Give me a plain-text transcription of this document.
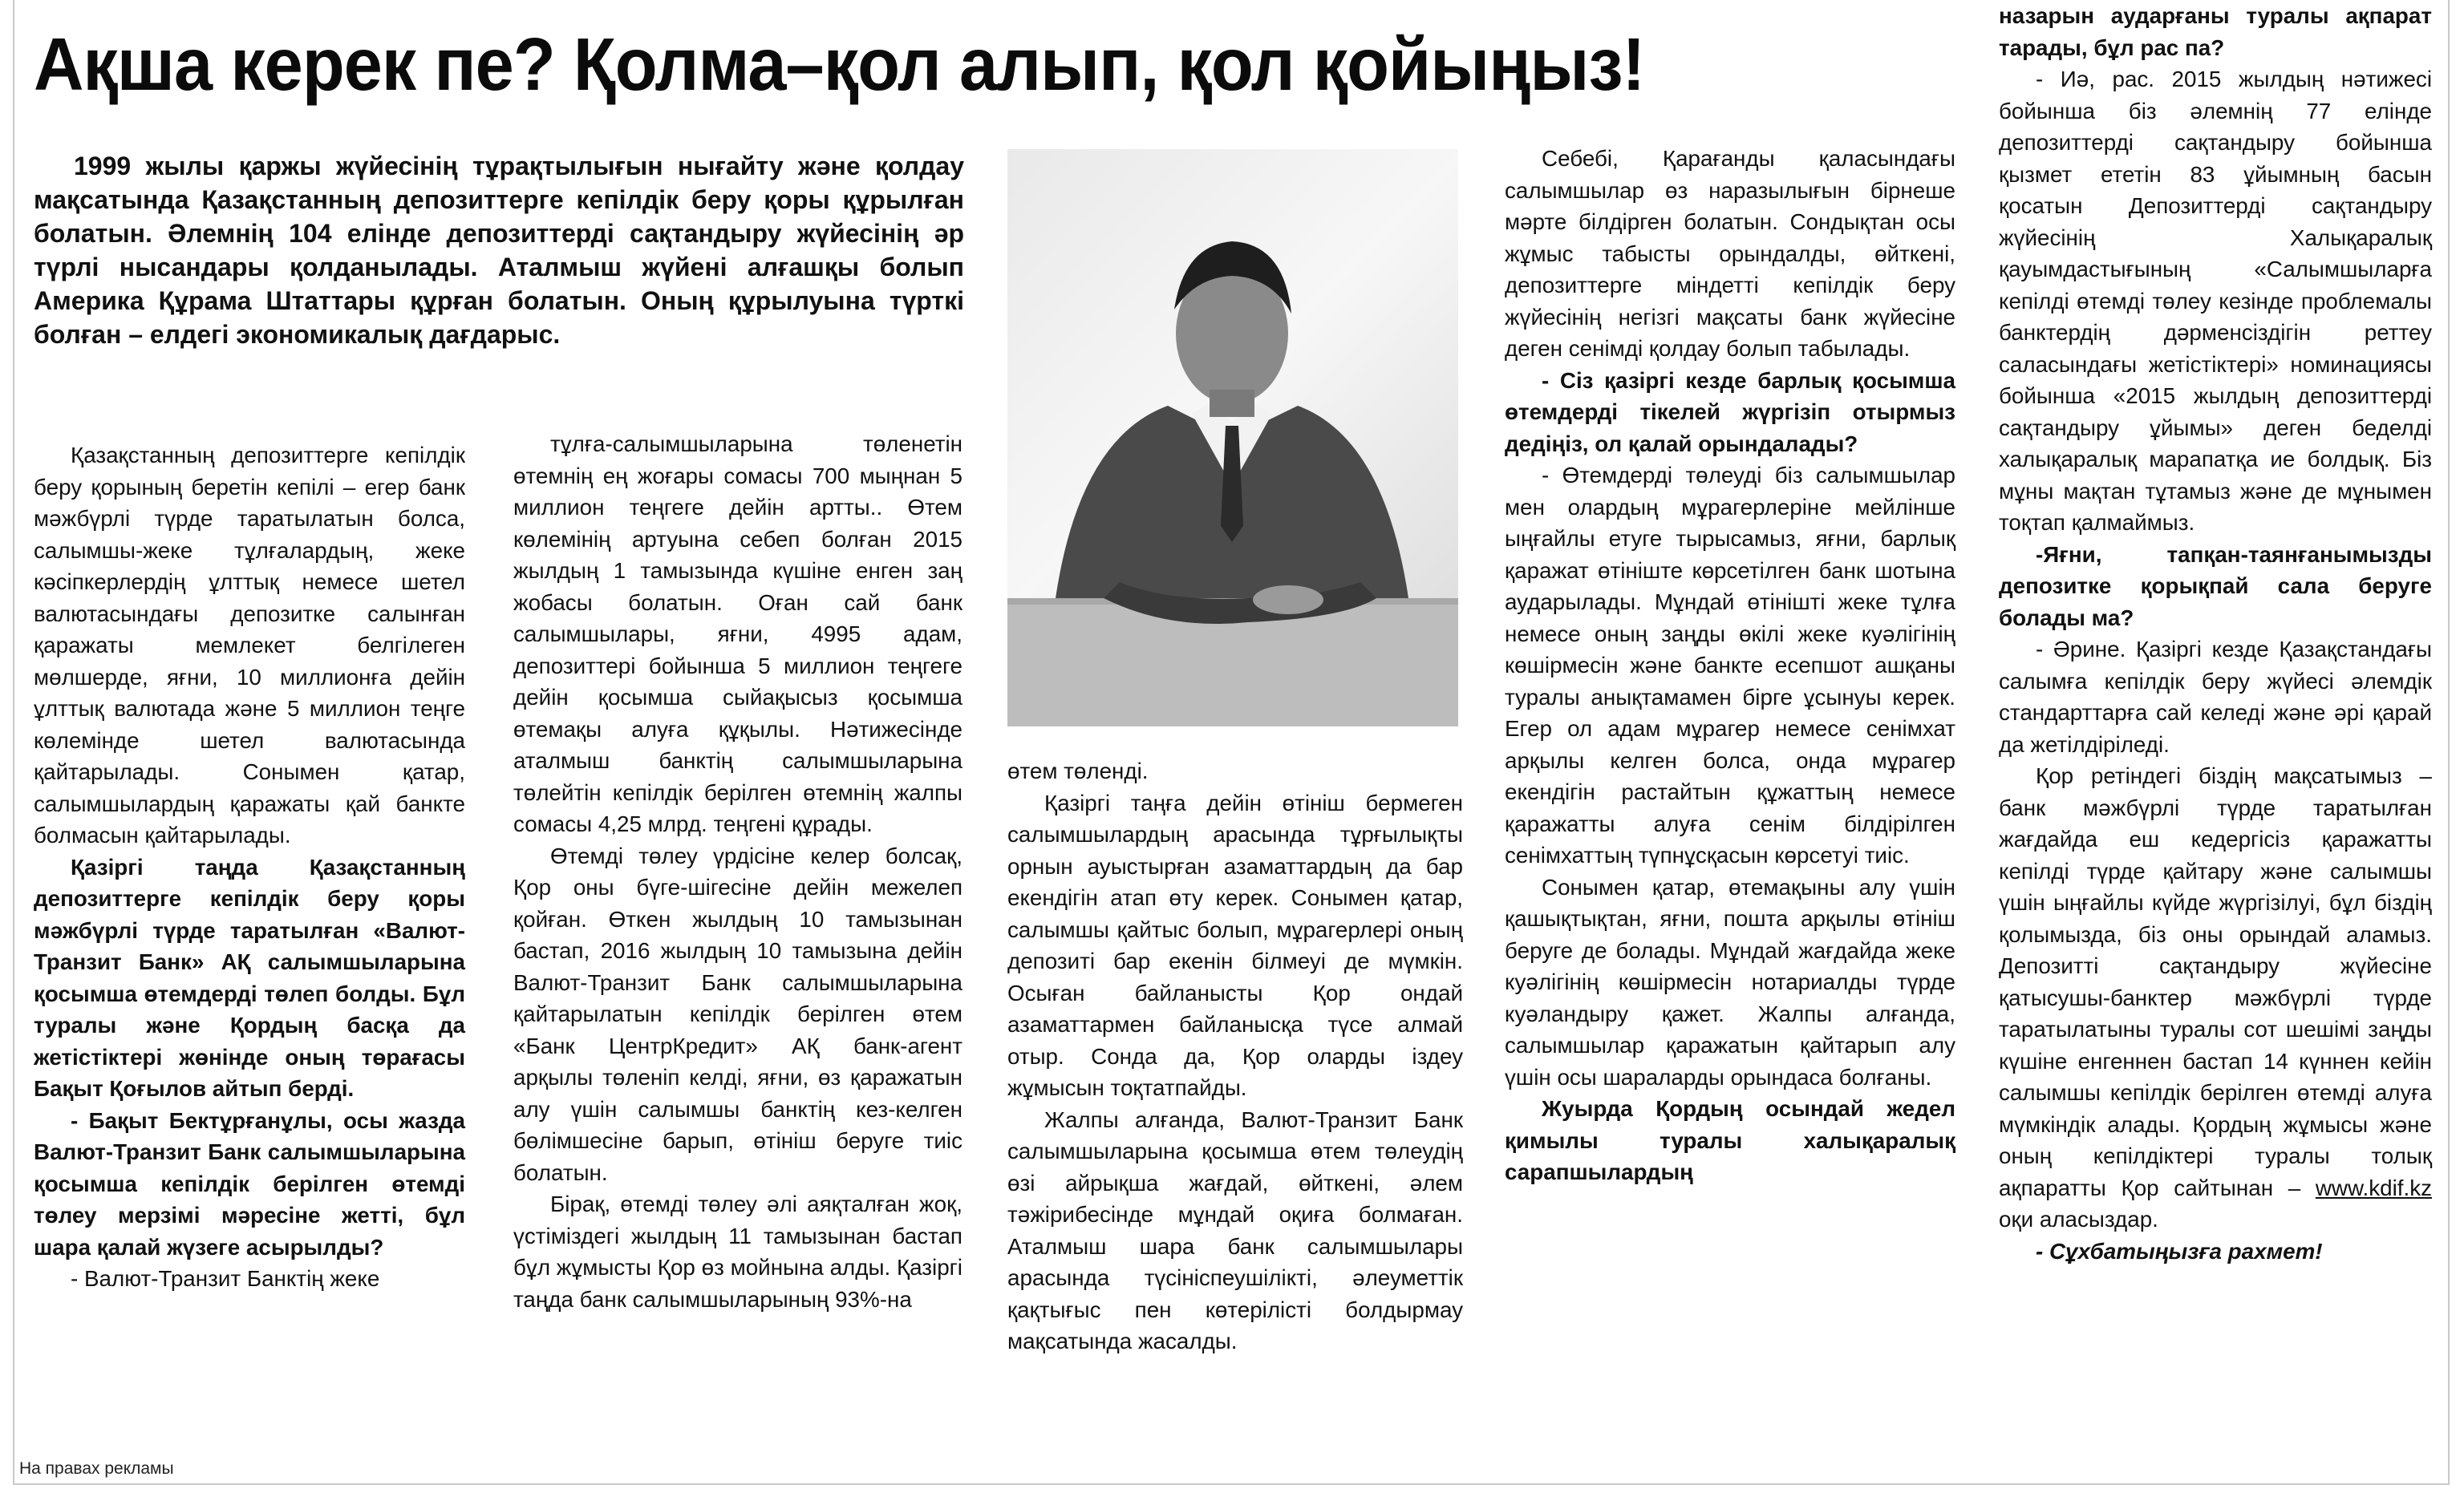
Ақша керек пе? Қолма–қол алып, қол қойыңыз!

1999 жылы қаржы жүйесінің тұрақтылығын нығайту және қолдау мақсатында Қазақстанның депозиттерге кепілдік беру қоры құрылған болатын. Әлемнің 104 елінде депозиттерді сақтандыру жүйесінің әр түрлі нысандары қолданылады. Аталмыш жүйені алғашқы болып Америка Құрама Штаттары құрған болатын. Оның құрылуына түрткі болған – елдегі экономикалық дағдарыс.

Қазақстанның депозиттерге кепілдік беру қорының беретін кепілі – егер банк мәжбүрлі түрде таратылатын болса, салымшы-жеке тұлғалардың, жеке кәсіпкерлердің ұлттық немесе шетел валютасындағы депозитке салынған қаражаты мемлекет белгілеген мөлшерде, яғни, 10 миллионға дейін ұлттық валютада және 5 миллион теңге көлемінде шетел валютасында қайтарылады. Сонымен қатар, салымшылардың қаражаты қай банкте болмасын қайтарылады.

Қазіргі таңда Қазақстанның депозиттерге кепілдік беру қоры мәжбүрлі түрде таратылған «Валют-Транзит Банк» АҚ салымшыларына қосымша өтемдерді төлеп болды. Бұл туралы және Қордың басқа да жетістіктері жөнінде оның төрағасы Бақыт Қоғылов айтып берді.

- Бақыт Бектұрғанұлы, осы жазда Валют-Транзит Банк салымшыларына қосымша кепілдік берілген өтемді төлеу мерзімі мәресіне жетті, бұл шара қалай жүзеге асырылды?

- Валют-Транзит Банктің жеке

тұлға-салымшыларына төленетін өтемнің ең жоғары сомасы 700 мыңнан 5 миллион теңгеге дейін артты.. Өтем көлемінің артуына себеп болған 2015 жылдың 1 тамызында күшіне енген заң жобасы болатын. Оған сай банк салымшылары, яғни, 4995 адам, депозиттері бойынша 5 миллион теңгеге дейін қосымша сыйақысыз қосымша өтемақы алуға құқылы. Нәтижесінде аталмыш банктің салымшыларына төлейтін кепілдік берілген өтемнің жалпы сомасы 4,25 млрд. теңгені құрады.

Өтемді төлеу үрдісіне келер болсақ, Қор оны бүге-шігесіне дейін межелеп қойған. Өткен жылдың 10 тамызынан бастап, 2016 жылдың 10 тамызына дейін Валют-Транзит Банк салымшыларына қайтарылатын кепілдік берілген өтем «Банк ЦентрКредит» АҚ банк-агент арқылы төленіп келді, яғни, өз қаражатын алу үшін салымшы банктің кез-келген бөлімшесіне барып, өтініш беруге тиіс болатын.

Бірақ, өтемді төлеу әлі аяқталған жоқ, үстіміздегі жылдың 11 тамызынан бастап бұл жұмысты Қор өз мойнына алды. Қазіргі таңда банк салымшыларының 93%-на

өтем төленді.

Қазіргі таңға дейін өтініш бермеген салымшылардың арасында тұрғылықты орнын ауыстырған азаматтардың да бар екендігін атап өту керек. Сонымен қатар, салымшы қайтыс болып, мұрагерлері оның депозиті бар екенін білмеуі де мүмкін. Осыған байланысты Қор ондай азаматтармен байланысқа түсе алмай отыр. Сонда да, Қор оларды іздеу жұмысын тоқтатпайды.

Жалпы алғанда, Валют-Транзит Банк салымшыларына қосымша өтем төлеудің өзі айрықша жағдай, өйткені, әлем тәжірибесінде мұндай оқиға болмаған. Аталмыш шара банк салымшылары арасында түсініспеушілікті, әлеуметтік қақтығыс пен көтерілісті болдырмау мақсатында жасалды.

Себебі, Қарағанды қаласындағы салымшылар өз наразылығын бірнеше мәрте білдірген болатын. Сондықтан осы жұмыс табысты орындалды, өйткені, депозиттерге міндетті кепілдік беру жүйесінің негізгі мақсаты банк жүйесіне деген сенімді қолдау болып табылады.

- Сіз қазіргі кезде барлық қосымша өтемдерді тікелей жүргізіп отырмыз дедіңіз, ол қалай орындалады?

- Өтемдерді төлеуді біз салымшылар мен олардың мұрагерлеріне мейлінше ыңғайлы етуге тырысамыз, яғни, барлық қаражат өтініште көрсетілген банк шотына аударылады. Мұндай өтінішті жеке тұлға немесе оның заңды өкілі жеке куәлігінің көшірмесін және банкте есепшот ашқаны туралы анықтамамен бірге ұсынуы керек. Егер ол адам мұрагер немесе сенімхат арқылы келген болса, онда мұрагер екендігін растайтын құжаттың немесе қаражатты алуға сенім білдірілген сенімхаттың түпнұсқасын көрсетуі тиіс.

Сонымен қатар, өтемақыны алу үшін қашықтықтан, яғни, пошта арқылы өтініш беруге де болады. Мұндай жағдайда жеке куәлігінің көшірмесін нотариалды түрде куәландыру қажет. Жалпы алғанда, салымшылар қаражатын қайтарып алу үшін осы шараларды орындаса болғаны.

Жуырда Қордың осындай жедел қимылы туралы халықаралық сарапшылардың

назарын аударғаны туралы ақпарат тарады, бұл рас па?

- Иә, рас. 2015 жылдың нәтижесі бойынша біз әлемнің 77 елінде депозиттерді сақтандыру бойынша қызмет ететін 83 ұйымның басын қосатын Депозиттерді сақтандыру жүйесінің Халықаралық қауымдастығының «Салымшыларға кепілді өтемді төлеу кезінде проблемалы банктердің дәрменсіздігін реттеу саласындағы жетістіктері» номинациясы бойынша «2015 жылдың депозиттерді сақтандыру ұйымы» деген беделді халықаралық марапатқа ие болдық. Біз мұны мақтан тұтамыз және де мұнымен тоқтап қалмаймыз.

-Яғни, тапқан-таянғанымызды депозитке қорықпай сала беруге болады ма?

- Әрине. Қазіргі кезде Қазақстандағы салымға кепілдік беру жүйесі әлемдік стандарттарға сай келеді және әрі қарай да жетілдіріледі.

Қор ретіндегі біздің мақсатымыз – банк мәжбүрлі түрде таратылған жағдайда еш кедергісіз қаражатты кепілді түрде қайтару және салымшы үшін ыңғайлы күйде жүргізілуі, бұл біздің қолымызда, біз оны орындай аламыз. Депозитті сақтандыру жүйесіне қатысушы-банктер мәжбүрлі түрде таратылатыны туралы сот шешімі заңды күшіне енгеннен бастап 14 күннен кейін салымшы кепілдік берілген өтемді алуға мүмкіндік алады. Қордың жұмысы және оның кепілдіктері туралы толық ақпаратты Қор сайтынан – www.kdif.kz оқи аласыздар.

- Сұхбатыңызға рахмет!

На правах рекламы
